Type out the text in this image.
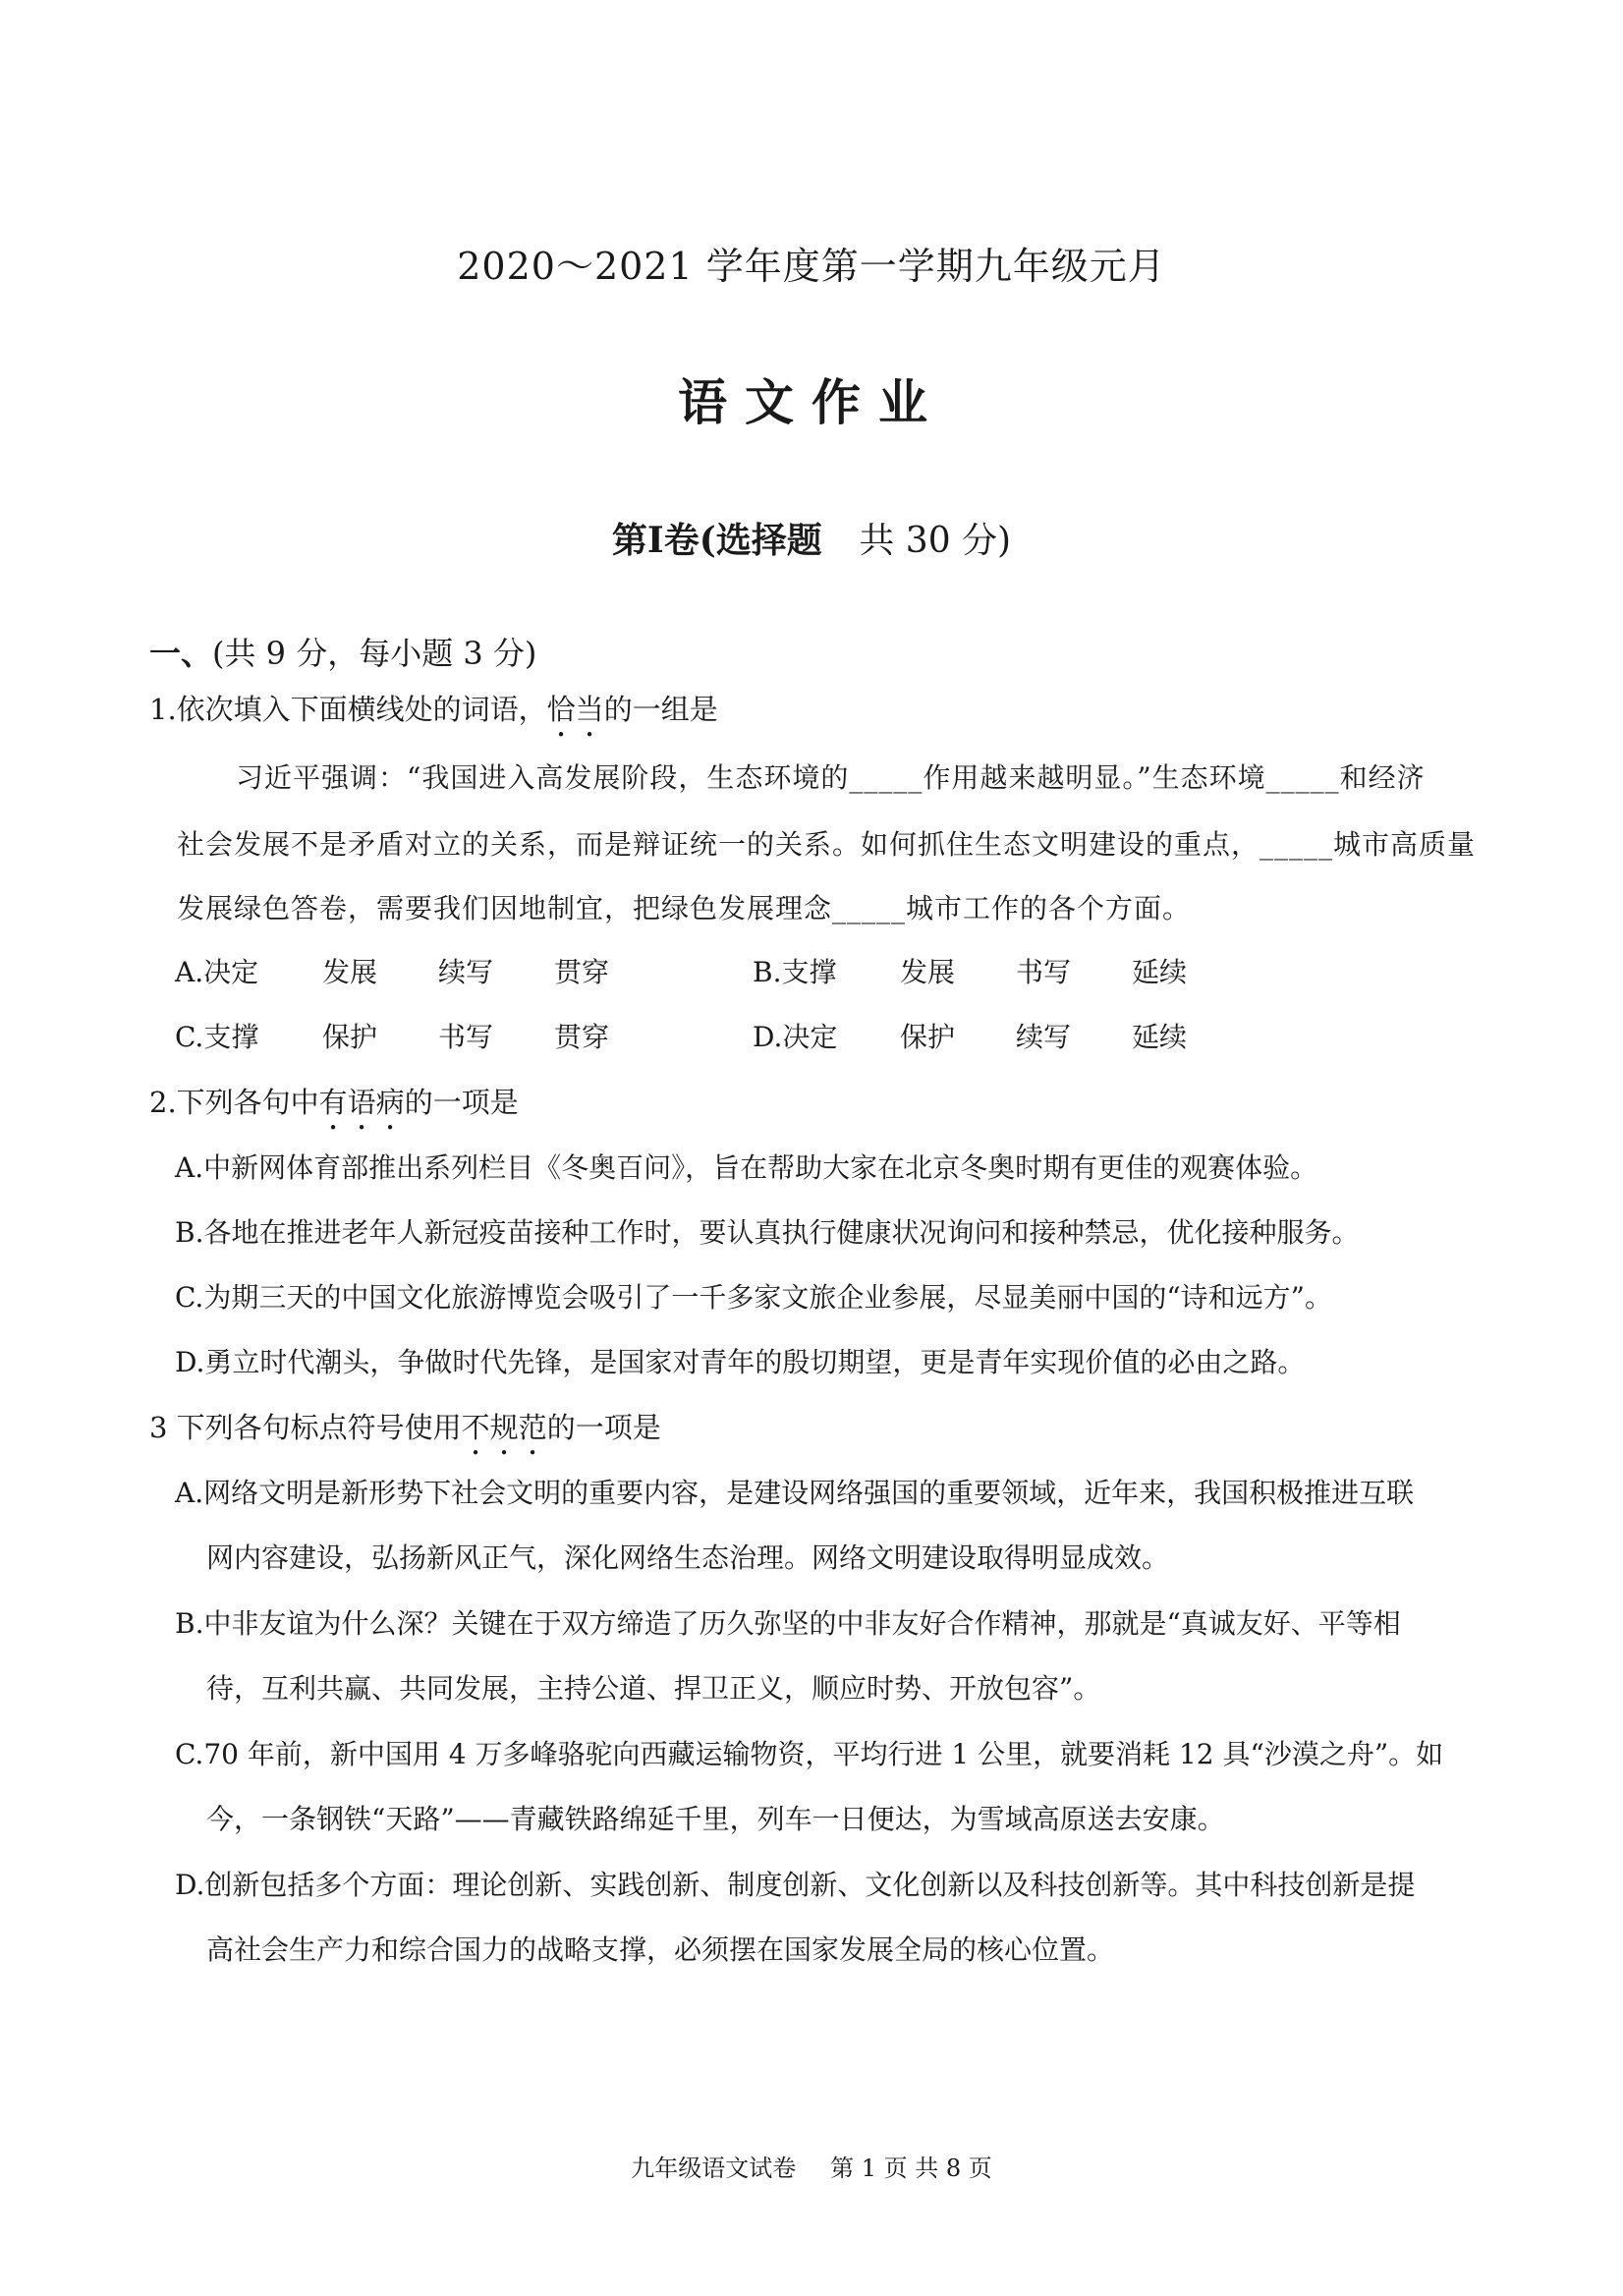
2020～2021 学年度第一学期九年级元月
语文作业
第Ⅰ卷(选择题 共 30 分)
一、(共 9 分，每小题 3 分)
1.依次填入下面横线处的词语，恰当的一组是
习近平强调：“我国进入高发展阶段，生态环境的_____作用越来越明显。”生态环境_____和经济
社会发展不是矛盾对立的关系，而是辩证统一的关系。如何抓住生态文明建设的重点，_____城市高质量
发展绿色答卷，需要我们因地制宜，把绿色发展理念_____城市工作的各个方面。
A.决定 发展 续写 贯穿	B.支撑 发展 书写 延续
C.支撑 保护 书写 贯穿	D.决定 保护 续写 延续
2.下列各句中有语病的一项是
A.中新网体育部推出系列栏目《冬奥百问》，旨在帮助大家在北京冬奥时期有更佳的观赛体验。
B.各地在推进老年人新冠疫苗接种工作时，要认真执行健康状况询问和接种禁忌，优化接种服务。
C.为期三天的中国文化旅游博览会吸引了一千多家文旅企业参展，尽显美丽中国的“诗和远方”。
D.勇立时代潮头，争做时代先锋，是国家对青年的殷切期望，更是青年实现价值的必由之路。
3 下列各句标点符号使用不规范的一项是
A.网络文明是新形势下社会文明的重要内容，是建设网络强国的重要领域，近年来，我国积极推进互联
网内容建设，弘扬新风正气，深化网络生态治理。网络文明建设取得明显成效。
B.中非友谊为什么深？关键在于双方缔造了历久弥坚的中非友好合作精神，那就是“真诚友好、平等相
待，互利共赢、共同发展，主持公道、捍卫正义，顺应时势、开放包容”。
C.70 年前，新中国用 4 万多峰骆驼向西藏运输物资，平均行进 1 公里，就要消耗 12 具“沙漠之舟”。如
今，一条钢铁“天路”——青藏铁路绵延千里，列车一日便达，为雪域高原送去安康。
D.创新包括多个方面：理论创新、实践创新、制度创新、文化创新以及科技创新等。其中科技创新是提
高社会生产力和综合国力的战略支撑，必须摆在国家发展全局的核心位置。
九年级语文试卷 第 1 页 共 8 页
